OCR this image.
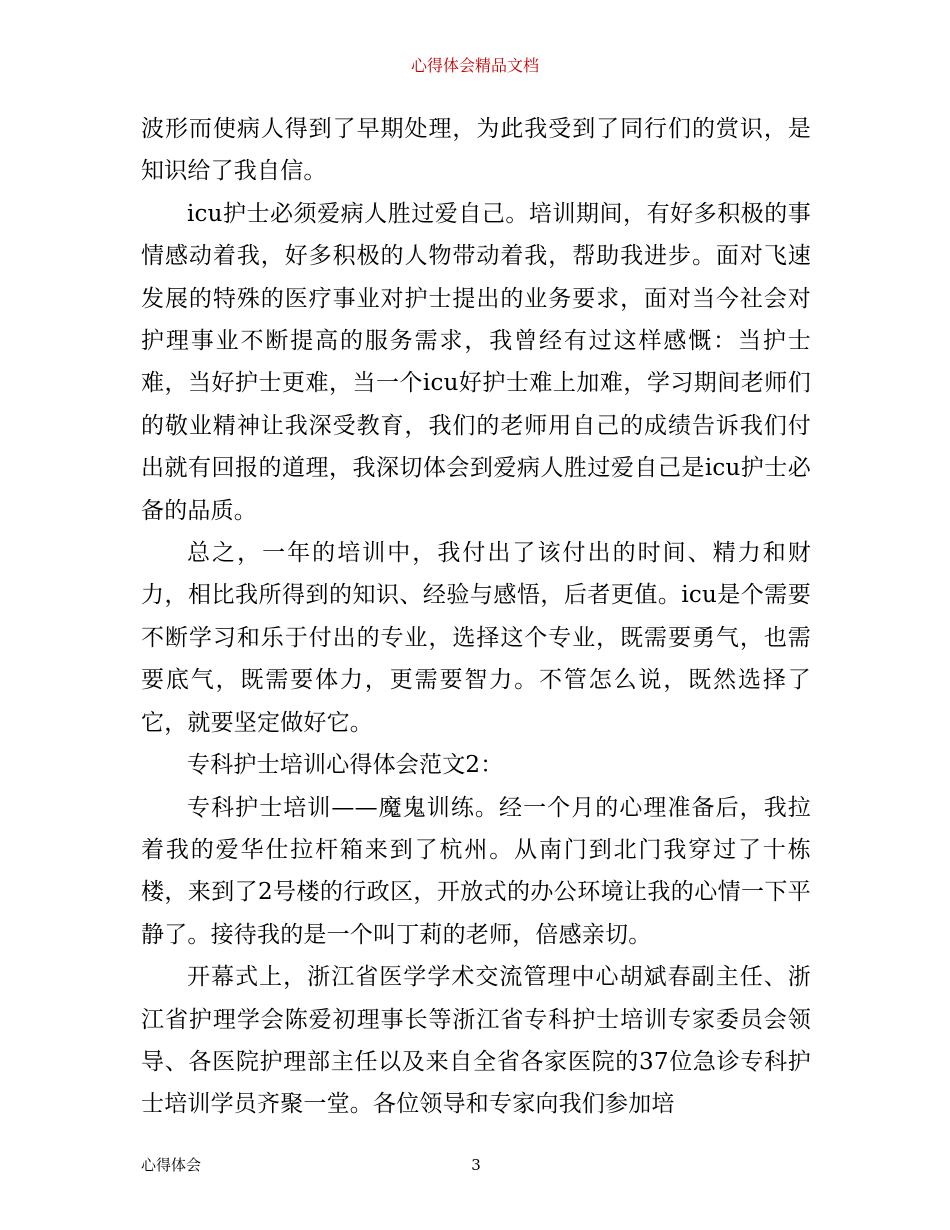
心得体会精品文档

波形而使病人得到了早期处理，为此我受到了同行们的赏识，是知识给了我自信。

icu护士必须爱病人胜过爱自己。培训期间，有好多积极的事情感动着我，好多积极的人物带动着我，帮助我进步。面对飞速发展的特殊的医疗事业对护士提出的业务要求，面对当今社会对护理事业不断提高的服务需求，我曾经有过这样感慨：当护士难，当好护士更难，当一个icu好护士难上加难，学习期间老师们的敬业精神让我深受教育，我们的老师用自己的成绩告诉我们付出就有回报的道理，我深切体会到爱病人胜过爱自己是icu护士必备的品质。

总之，一年的培训中，我付出了该付出的时间、精力和财力，相比我所得到的知识、经验与感悟，后者更值。icu是个需要不断学习和乐于付出的专业，选择这个专业，既需要勇气，也需要底气，既需要体力，更需要智力。不管怎么说，既然选择了它，就要坚定做好它。

专科护士培训心得体会范文2：

专科护士培训——魔鬼训练。经一个月的心理准备后，我拉着我的爱华仕拉杆箱来到了杭州。从南门到北门我穿过了十栋楼，来到了2号楼的行政区，开放式的办公环境让我的心情一下平静了。接待我的是一个叫丁莉的老师，倍感亲切。

开幕式上，浙江省医学学术交流管理中心胡斌春副主任、浙江省护理学会陈爱初理事长等浙江省专科护士培训专家委员会领导、各医院护理部主任以及来自全省各家医院的37位急诊专科护士培训学员齐聚一堂。各位领导和专家向我们参加培

心得体会	3
